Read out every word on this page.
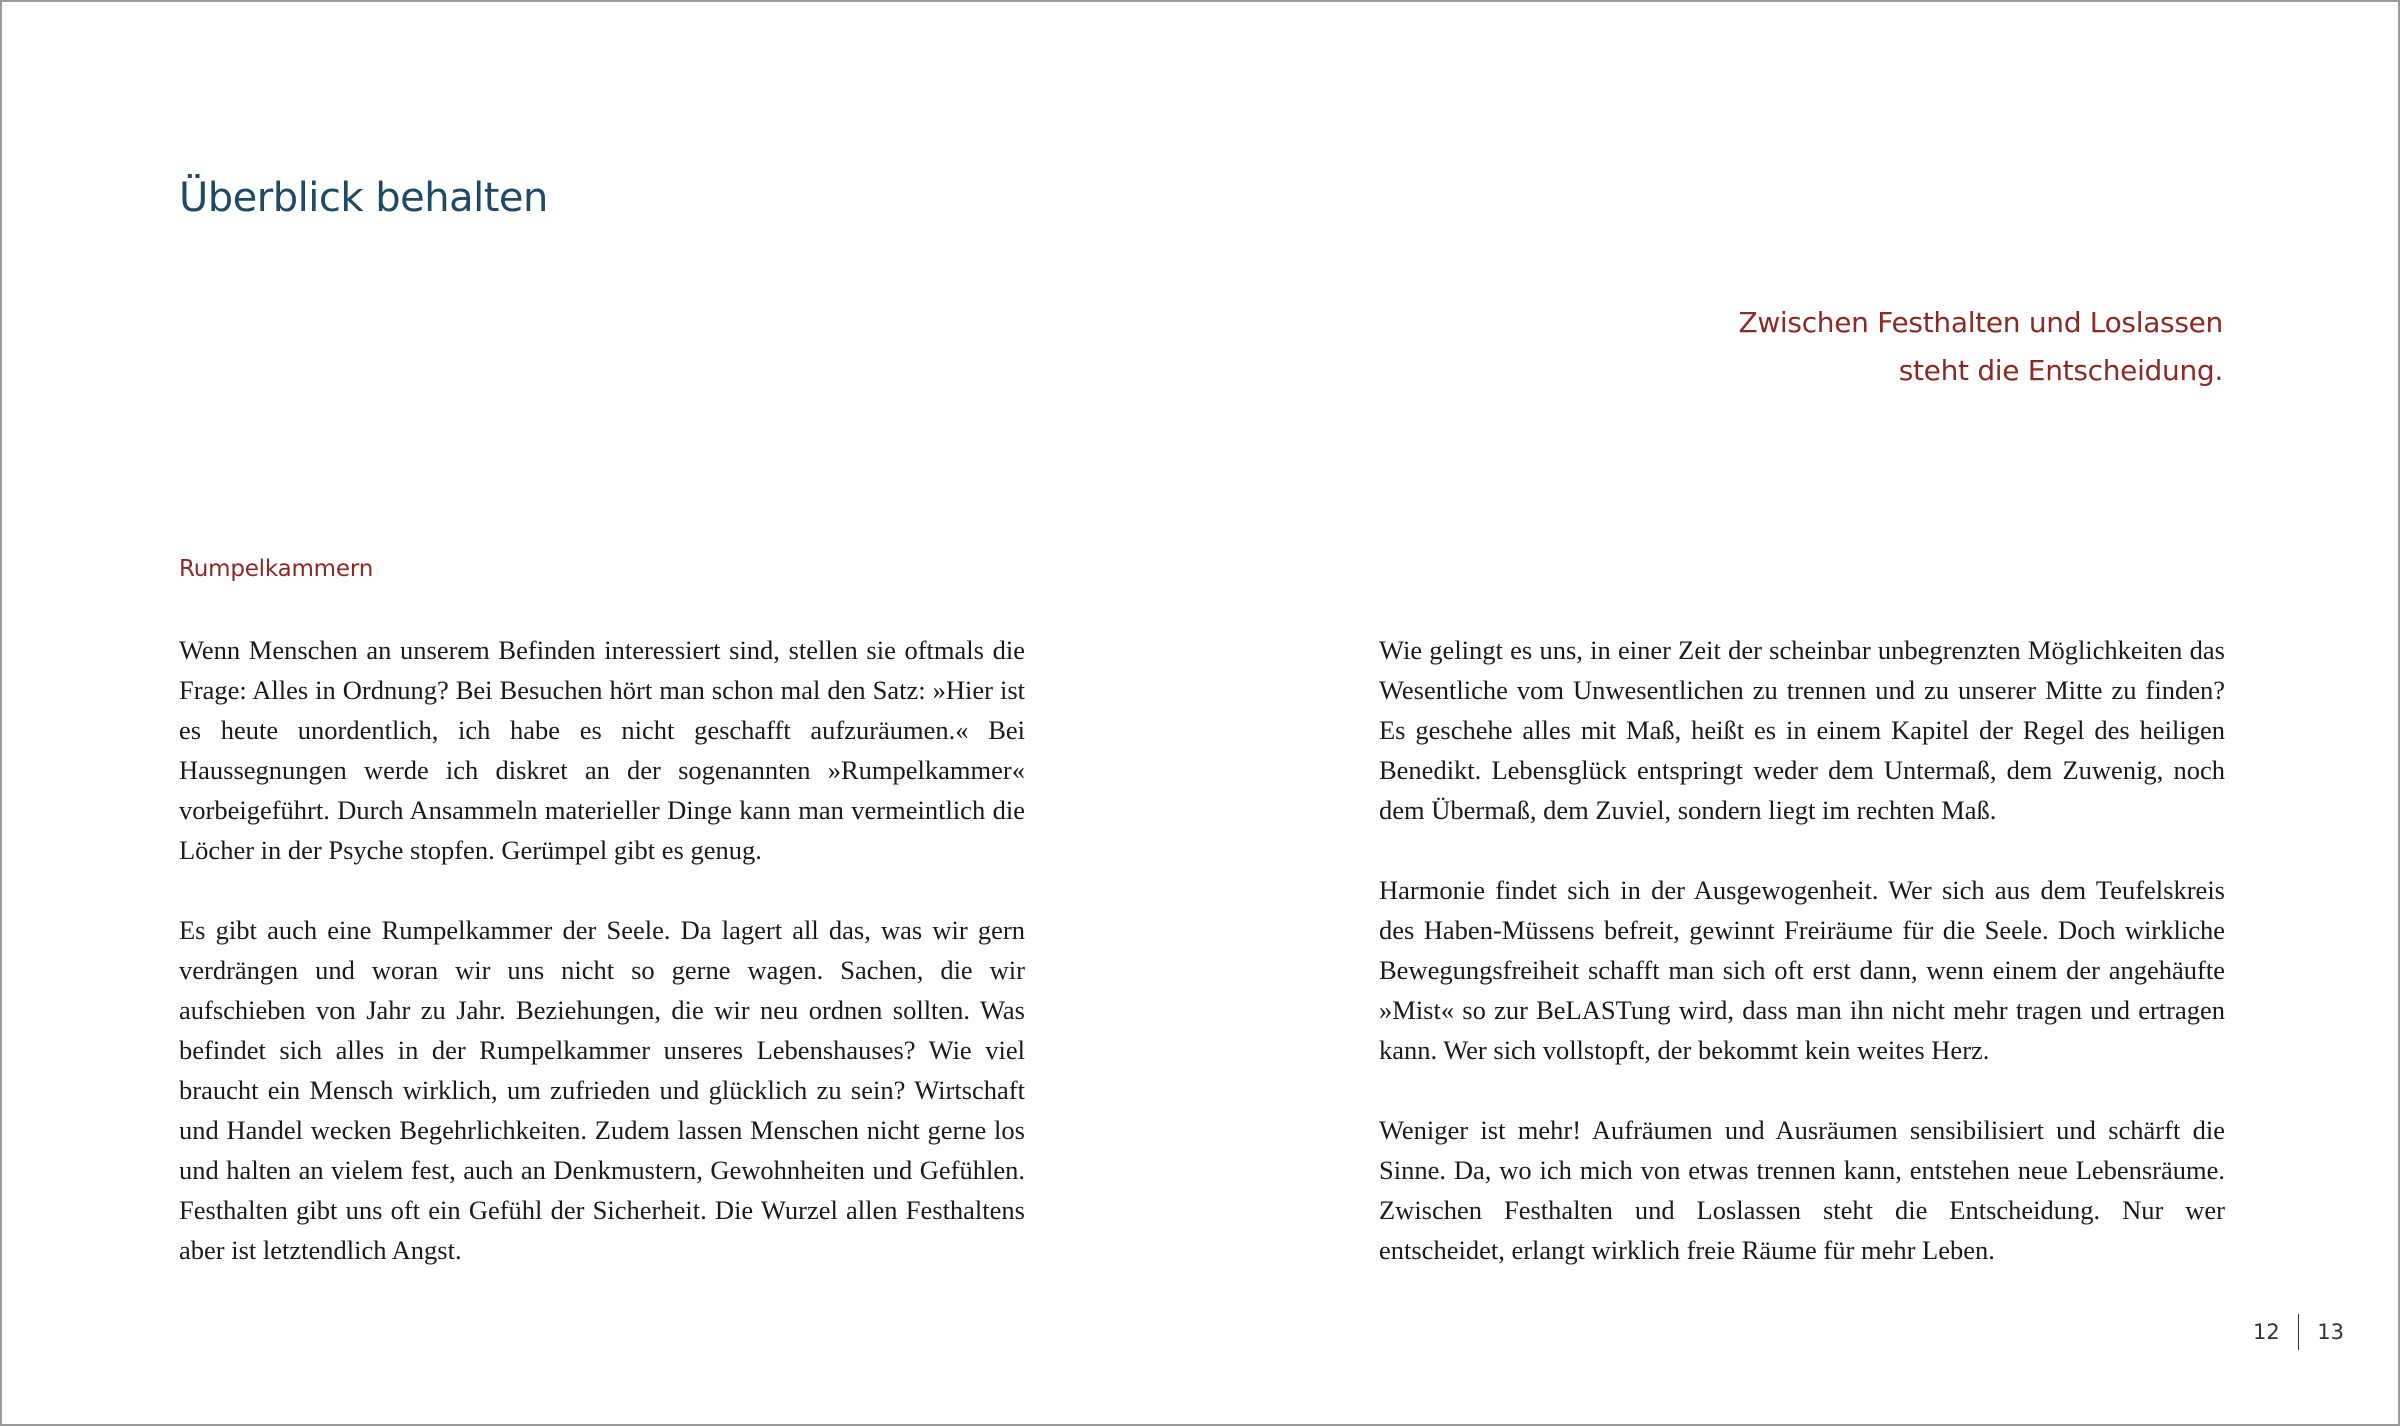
Überblick behalten
Zwischen Festhalten und Loslassen
steht die Entscheidung.
Rumpelkammern

Wenn Menschen an unserem Befinden interessiert sind, stellen sie oftmals die Frage: Alles in Ordnung? Bei Besuchen hört man schon mal den Satz: »Hier ist es heute unordentlich, ich habe es nicht geschafft aufzuräumen.« Bei Haussegnungen werde ich diskret an der sogenannten »Rumpelkammer« vorbeigeführt. Durch Ansammeln materieller Dinge kann man vermeintlich die Löcher in der Psyche stopfen. Gerümpel gibt es genug.

Es gibt auch eine Rumpelkammer der Seele. Da lagert all das, was wir gern verdrängen und woran wir uns nicht so gerne wagen. Sachen, die wir aufschieben von Jahr zu Jahr. Beziehungen, die wir neu ordnen sollten. Was befindet sich alles in der Rumpelkammer unseres Lebenshauses? Wie viel braucht ein Mensch wirklich, um zufrieden und glücklich zu sein? Wirtschaft und Handel wecken Begehrlichkeiten. Zudem lassen Menschen nicht gerne los und halten an vielem fest, auch an Denkmustern, Gewohnheiten und Gefühlen. Festhalten gibt uns oft ein Gefühl der Sicherheit. Die Wurzel allen Festhaltens aber ist letztendlich Angst.

Wie gelingt es uns, in einer Zeit der scheinbar unbegrenzten Möglichkeiten das Wesentliche vom Unwesentlichen zu trennen und zu unserer Mitte zu finden? Es geschehe alles mit Maß, heißt es in einem Kapitel der Regel des heiligen Benedikt. Lebensglück entspringt weder dem Untermaß, dem Zuwenig, noch dem Übermaß, dem Zuviel, sondern liegt im rechten Maß.

Harmonie findet sich in der Ausgewogenheit. Wer sich aus dem Teufelskreis des Haben-Müssens befreit, gewinnt Freiräume für die Seele. Doch wirkliche Bewegungsfreiheit schafft man sich oft erst dann, wenn einem der angehäufte »Mist« so zur BeLASTung wird, dass man ihn nicht mehr tragen und ertragen kann. Wer sich vollstopft, der bekommt kein weites Herz.

Weniger ist mehr! Aufräumen und Ausräumen sensibilisiert und schärft die Sinne. Da, wo ich mich von etwas trennen kann, entstehen neue Lebensräume. Zwischen Festhalten und Loslassen steht die Entscheidung. Nur wer entscheidet, erlangt wirklich freie Räume für mehr Leben.

12 13
